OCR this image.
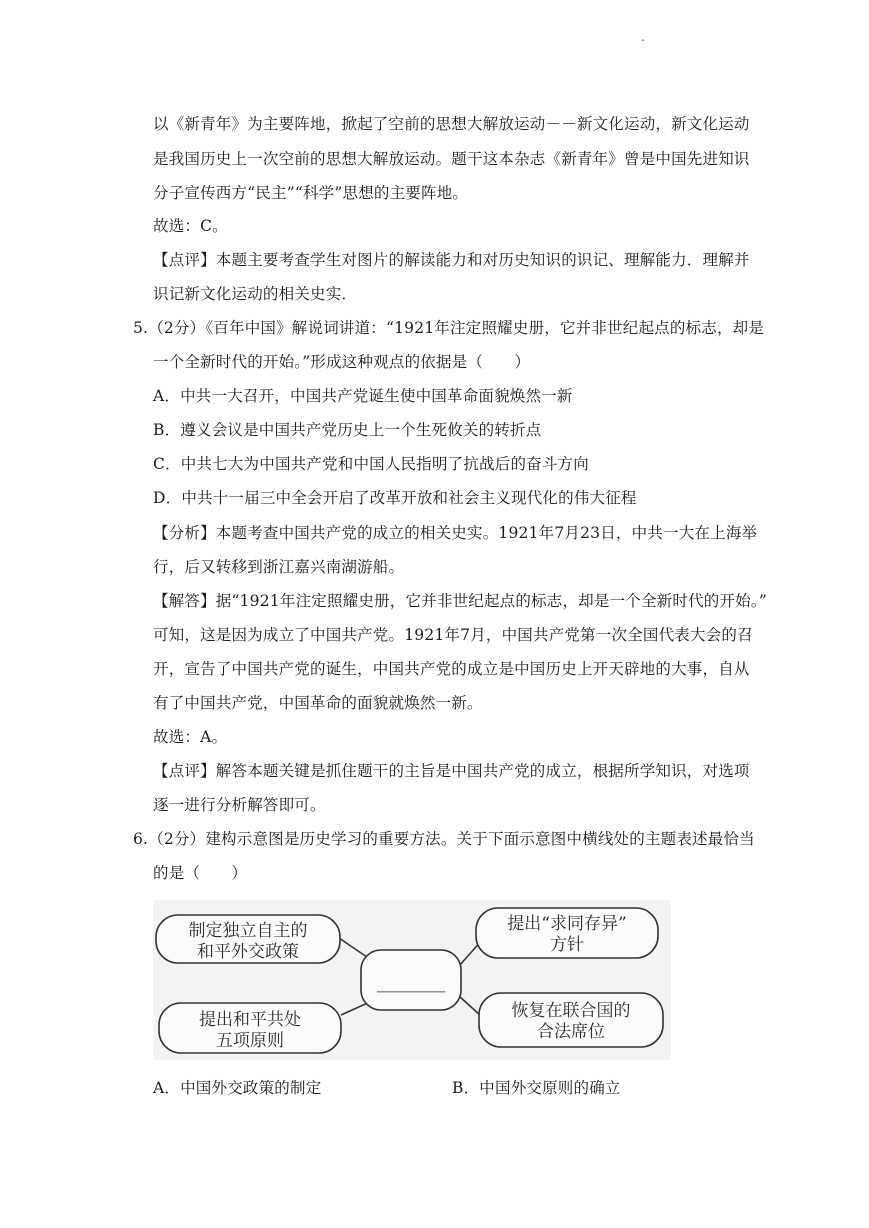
.
以《新青年》为主要阵地，掀起了空前的思想大解放运动－－新文化运动，新文化运动
是我国历史上一次空前的思想大解放运动。题干这本杂志《新青年》曾是中国先进知识
分子宣传西方“民主”“科学”思想的主要阵地。
故选：C。
【点评】本题主要考查学生对图片的解读能力和对历史知识的识记、理解能力．理解并
识记新文化运动的相关史实．
5.（2分）《百年中国》解说词讲道：“1921年注定照耀史册，它并非世纪起点的标志，却是
一个全新时代的开始。”形成这种观点的依据是（　　）
A．中共一大召开，中国共产党诞生使中国革命面貌焕然一新
B．遵义会议是中国共产党历史上一个生死攸关的转折点
C．中共七大为中国共产党和中国人民指明了抗战后的奋斗方向
D．中共十一届三中全会开启了改革开放和社会主义现代化的伟大征程
【分析】本题考查中国共产党的成立的相关史实。1921年7月23日，中共一大在上海举
行，后又转移到浙江嘉兴南湖游船。
【解答】据“1921年注定照耀史册，它并非世纪起点的标志，却是一个全新时代的开始。”
可知，这是因为成立了中国共产党。1921年7月，中国共产党第一次全国代表大会的召
开，宣告了中国共产党的诞生，中国共产党的成立是中国历史上开天辟地的大事，自从
有了中国共产党，中国革命的面貌就焕然一新。
故选：A。
【点评】解答本题关键是抓住题干的主旨是中国共产党的成立，根据所学知识，对选项
逐一进行分析解答即可。
6.（2分）建构示意图是历史学习的重要方法。关于下面示意图中横线处的主题表述最恰当
的是（　　）
制定独立自主的
和平外交政策
提出和平共处
五项原则
＿＿＿＿
提出“求同存异”
方针
恢复在联合国的
合法席位
A．中国外交政策的制定	B．中国外交原则的确立
